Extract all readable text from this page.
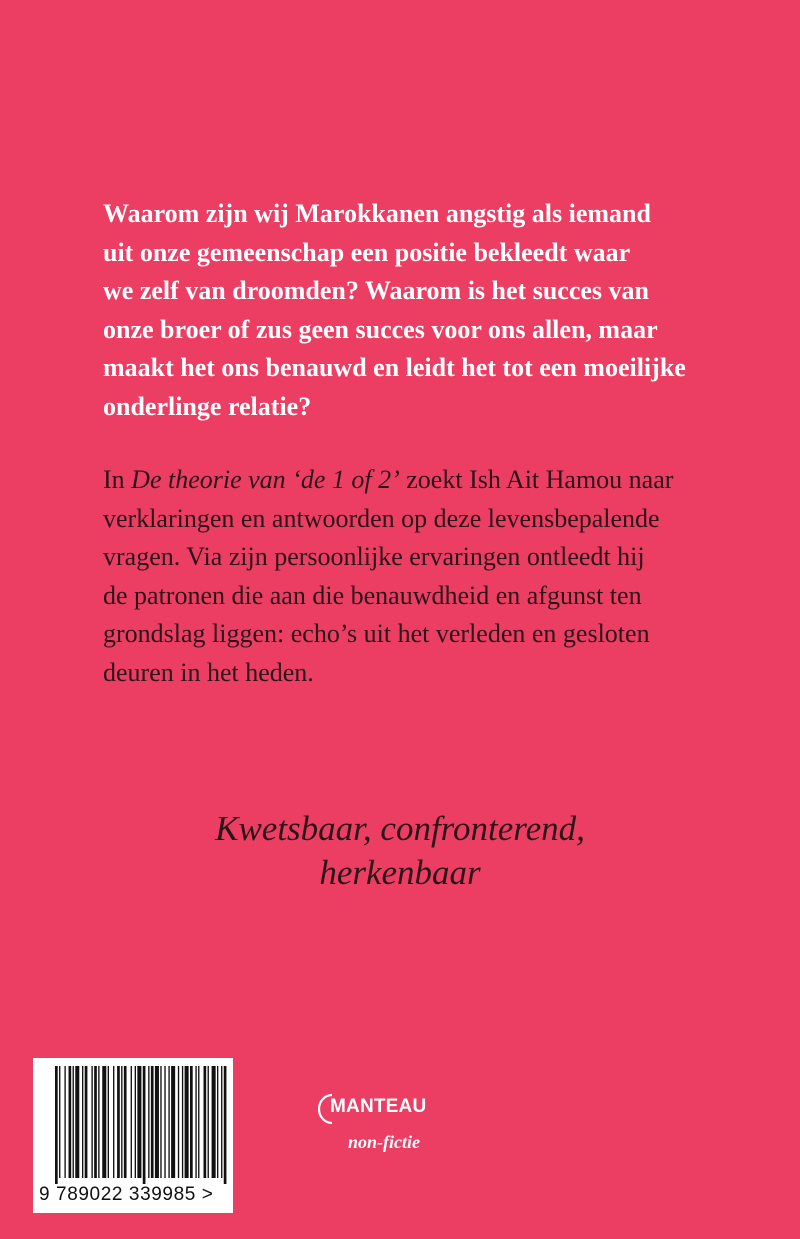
Waarom zijn wij Marokkanen angstig als iemand
uit onze gemeenschap een positie bekleedt waar
we zelf van droomden? Waarom is het succes van
onze broer of zus geen succes voor ons allen, maar
maakt het ons benauwd en leidt het tot een moeilijke
onderlinge relatie?
In De theorie van ‘de 1 of 2’ zoekt Ish Ait Hamou naar
verklaringen en antwoorden op deze levensbepalende
vragen. Via zijn persoonlijke ervaringen ontleedt hij
de patronen die aan die benauwdheid en afgunst ten
grondslag liggen: echo’s uit het verleden en gesloten
deuren in het heden.
Kwetsbaar, confronterend,
herkenbaar
9 789022 339985 >
MANTEAU
non-fictie
